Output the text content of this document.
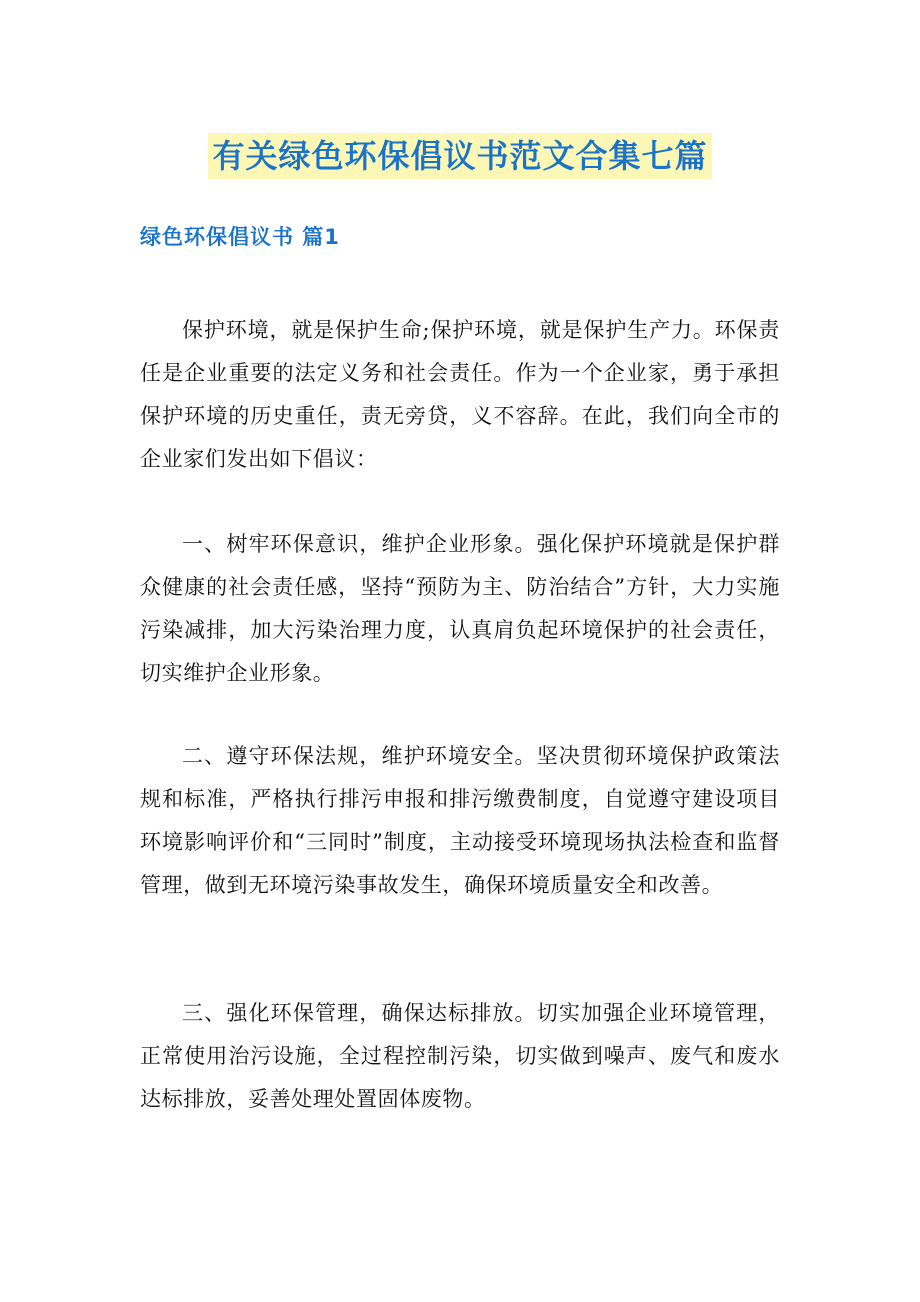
有关绿色环保倡议书范文合集七篇
绿色环保倡议书 篇1

保护环境，就是保护生命;保护环境，就是保护生产力。环保责任是企业重要的法定义务和社会责任。作为一个企业家，勇于承担保护环境的历史重任，责无旁贷，义不容辞。在此，我们向全市的企业家们发出如下倡议：

一、树牢环保意识，维护企业形象。强化保护环境就是保护群众健康的社会责任感，坚持“预防为主、防治结合”方针，大力实施污染减排，加大污染治理力度，认真肩负起环境保护的社会责任，切实维护企业形象。

二、遵守环保法规，维护环境安全。坚决贯彻环境保护政策法规和标准，严格执行排污申报和排污缴费制度，自觉遵守建设项目环境影响评价和“三同时”制度，主动接受环境现场执法检查和监督管理，做到无环境污染事故发生，确保环境质量安全和改善。

三、强化环保管理，确保达标排放。切实加强企业环境管理，正常使用治污设施，全过程控制污染，切实做到噪声、废气和废水达标排放，妥善处理处置固体废物。
